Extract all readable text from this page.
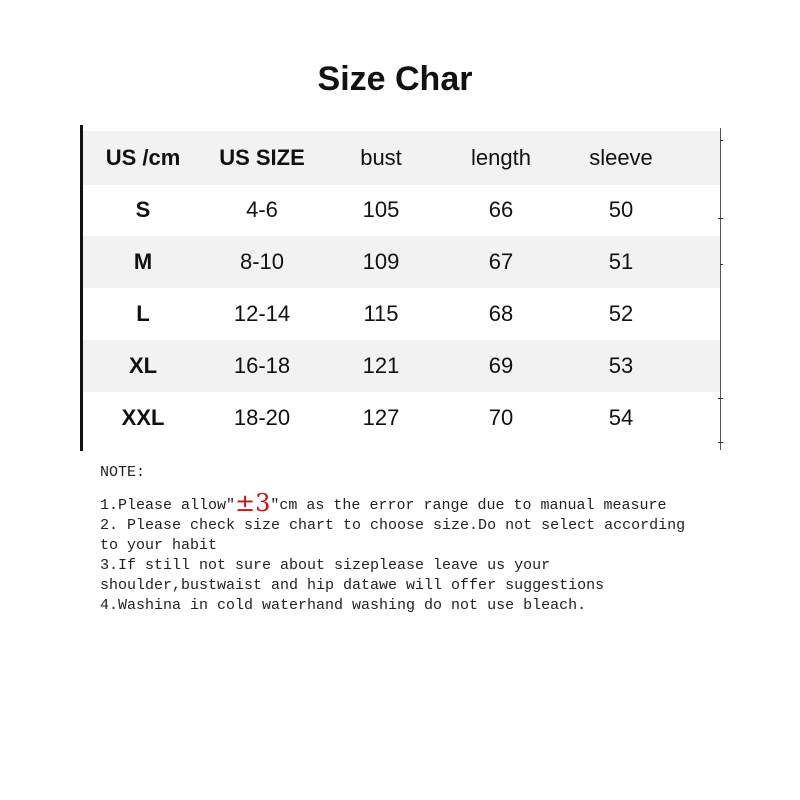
Size Char
US /cm	US SIZE	bust	length	sleeve
S	4-6	105	66	50
M	8-10	109	67	51
L	12-14	115	68	52
XL	16-18	121	69	53
XXL	18-20	127	70	54

NOTE:

1.Please allow"±3"cm as the error range due to manual measure

2. Please check size chart to choose size.Do not select according to your habit

3.If still not sure about sizeplease leave us your shoulder,bustwaist and hip datawe will offer suggestions

4.Washina in cold waterhand washing do not use bleach.
